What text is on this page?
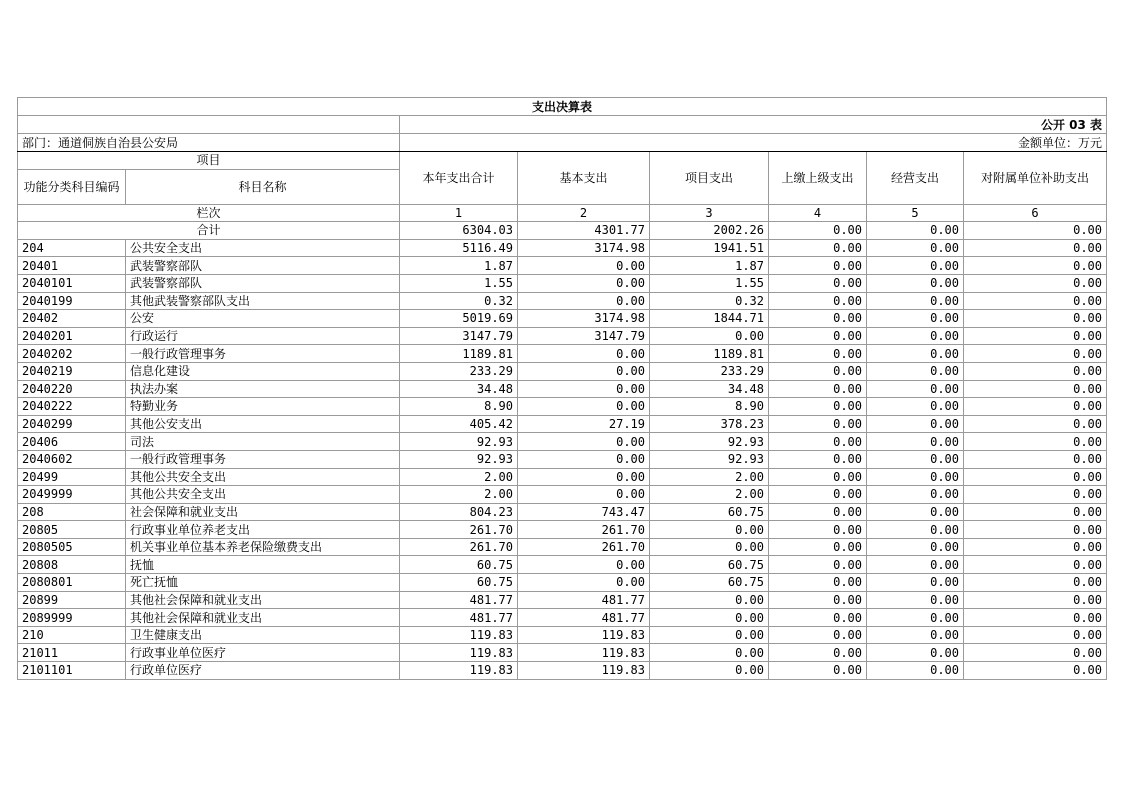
支出决算表							
		公开 03 表					
部门：通道侗族自治县公安局		金额单位：万元					
项目		本年支出合计	基本支出	项目支出	上缴上级支出	经营支出	对附属单位补助支出
功能分类科目编码	科目名称						
栏次		1	2	3	4	5	6
合计		6304.03	4301.77	2002.26	0.00	0.00	0.00
204	公共安全支出	5116.49	3174.98	1941.51	0.00	0.00	0.00
20401	武装警察部队	1.87	0.00	1.87	0.00	0.00	0.00
2040101	武装警察部队	1.55	0.00	1.55	0.00	0.00	0.00
2040199	其他武装警察部队支出	0.32	0.00	0.32	0.00	0.00	0.00
20402	公安	5019.69	3174.98	1844.71	0.00	0.00	0.00
2040201	行政运行	3147.79	3147.79	0.00	0.00	0.00	0.00
2040202	一般行政管理事务	1189.81	0.00	1189.81	0.00	0.00	0.00
2040219	信息化建设	233.29	0.00	233.29	0.00	0.00	0.00
2040220	执法办案	34.48	0.00	34.48	0.00	0.00	0.00
2040222	特勤业务	8.90	0.00	8.90	0.00	0.00	0.00
2040299	其他公安支出	405.42	27.19	378.23	0.00	0.00	0.00
20406	司法	92.93	0.00	92.93	0.00	0.00	0.00
2040602	一般行政管理事务	92.93	0.00	92.93	0.00	0.00	0.00
20499	其他公共安全支出	2.00	0.00	2.00	0.00	0.00	0.00
2049999	其他公共安全支出	2.00	0.00	2.00	0.00	0.00	0.00
208	社会保障和就业支出	804.23	743.47	60.75	0.00	0.00	0.00
20805	行政事业单位养老支出	261.70	261.70	0.00	0.00	0.00	0.00
2080505	机关事业单位基本养老保险缴费支出	261.70	261.70	0.00	0.00	0.00	0.00
20808	抚恤	60.75	0.00	60.75	0.00	0.00	0.00
2080801	死亡抚恤	60.75	0.00	60.75	0.00	0.00	0.00
20899	其他社会保障和就业支出	481.77	481.77	0.00	0.00	0.00	0.00
2089999	其他社会保障和就业支出	481.77	481.77	0.00	0.00	0.00	0.00
210	卫生健康支出	119.83	119.83	0.00	0.00	0.00	0.00
21011	行政事业单位医疗	119.83	119.83	0.00	0.00	0.00	0.00
2101101	行政单位医疗	119.83	119.83	0.00	0.00	0.00	0.00
